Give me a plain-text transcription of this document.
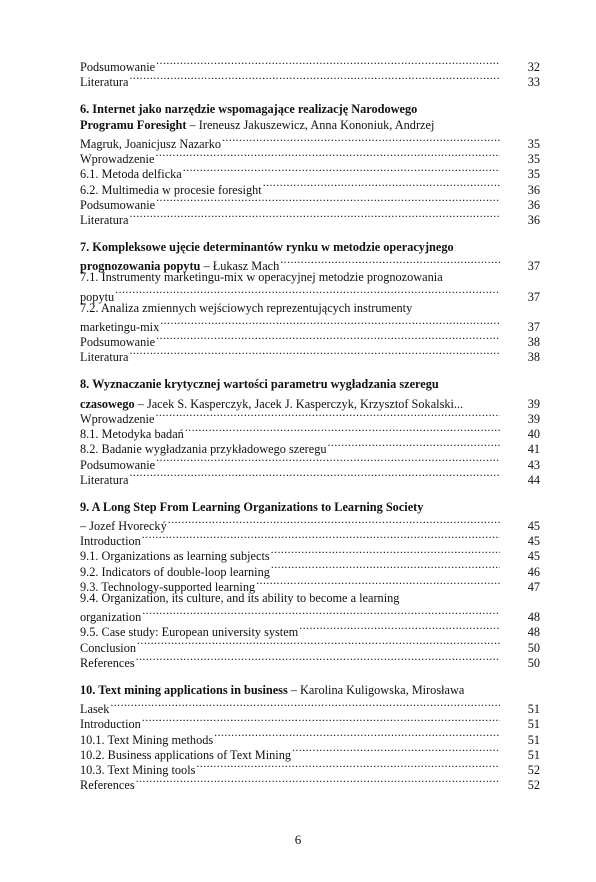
Podsumowanie .....	32
Literatura .....	33
6. Internet jako narzędzie wspomagające realizację Narodowego
Programu Foresight – Ireneusz Jakuszewicz, Anna Kononiuk, Andrzej
Magruk, Joanicjusz Nazarko .....	35
Wprowadzenie .....	35
6.1. Metoda delficka .....	35
6.2. Multimedia w procesie foresight .....	36
Podsumowanie .....	36
Literatura .....	36
7. Kompleksowe ujęcie determinantów rynku w metodzie operacyjnego
prognozowania popytu – Łukasz Mach .....	37
7.1. Instrumenty marketingu-mix w operacyjnej metodzie prognozowania
popytu .....	37
7.2. Analiza zmiennych wejściowych reprezentujących instrumenty
marketingu-mix .....	37
Podsumowanie .....	38
Literatura .....	38
8. Wyznaczanie krytycznej wartości parametru wygładzania szeregu
czasowego – Jacek S. Kasperczyk, Jacek J. Kasperczyk, Krzysztof Sokalski...	39
Wprowadzenie .....	39
8.1. Metodyka badań .....	40
8.2. Badanie wygładzania przykładowego szeregu .....	41
Podsumowanie .....	43
Literatura .....	44
9. A Long Step From Learning Organizations to Learning Society
– Jozef Hvorecký .....	45
Introduction .....	45
9.1. Organizations as learning subjects .....	45
9.2. Indicators of double-loop learning .....	46
9.3. Technology-supported learning .....	47
9.4. Organization, its culture, and its ability to become a learning
organization .....	48
9.5. Case study: European university system .....	48
Conclusion .....	50
References .....	50
10. Text mining applications in business – Karolina Kuligowska, Mirosława
Lasek .....	51
Introduction .....	51
10.1. Text Mining methods .....	51
10.2. Business applications of Text Mining .....	51
10.3. Text Mining tools .....	52
References .....	52
6
